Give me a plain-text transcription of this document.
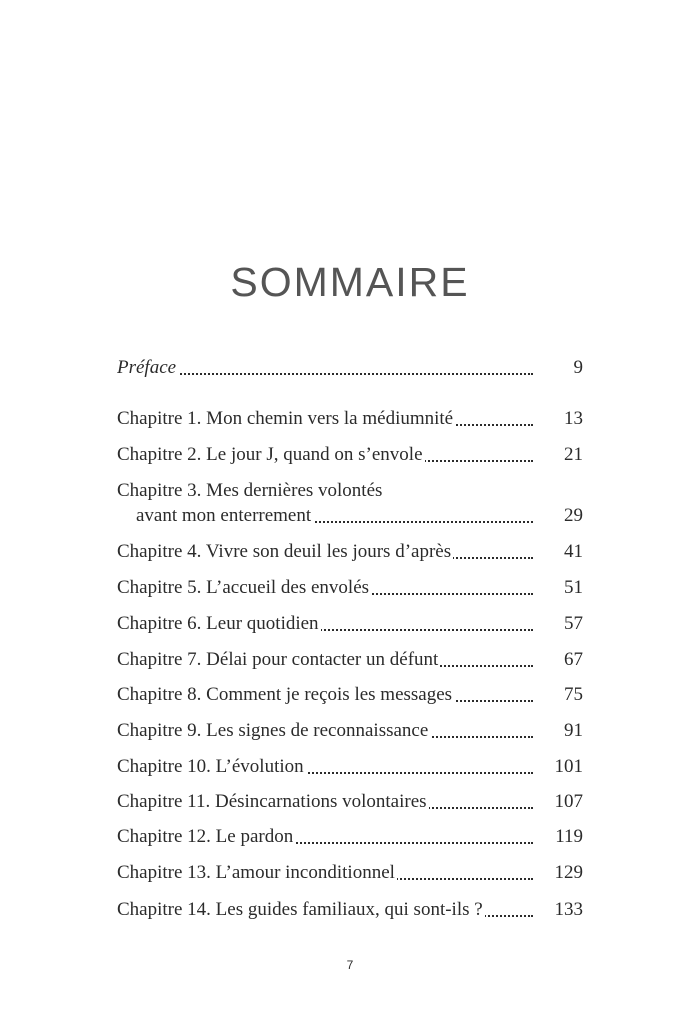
SOMMAIRE
Préface	9
Chapitre 1. Mon chemin vers la médiumnité	13
Chapitre 2. Le jour J, quand on s’envole	21
Chapitre 3. Mes dernières volontés
avant mon enterrement	29
Chapitre 4. Vivre son deuil les jours d’après	41
Chapitre 5. L’accueil des envolés	51
Chapitre 6. Leur quotidien	57
Chapitre 7. Délai pour contacter un défunt	67
Chapitre 8. Comment je reçois les messages	75
Chapitre 9. Les signes de reconnaissance	91
Chapitre 10. L’évolution	101
Chapitre 11. Désincarnations volontaires	107
Chapitre 12. Le pardon	119
Chapitre 13. L’amour inconditionnel	129
Chapitre 14. Les guides familiaux, qui sont-ils ?	133
7
